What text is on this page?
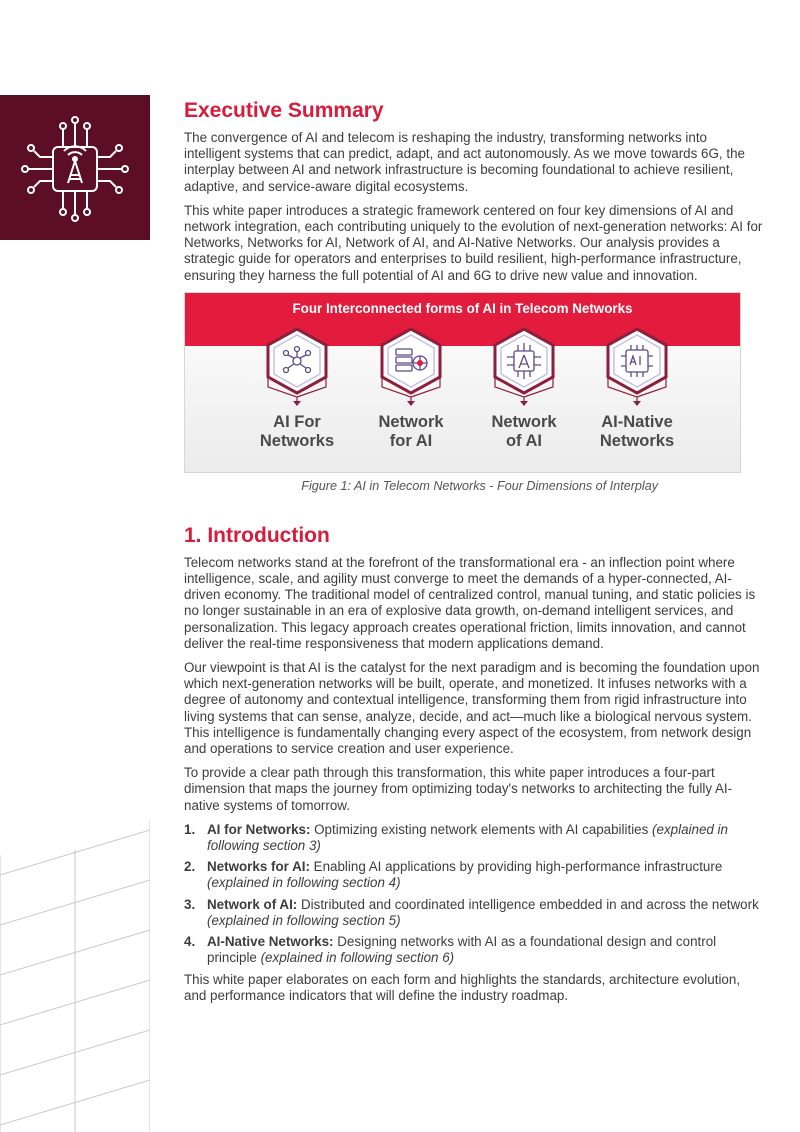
Executive Summary

The convergence of AI and telecom is reshaping the industry, transforming networks into intelligent systems that can predict, adapt, and act autonomously. As we move towards 6G, the interplay between AI and network infrastructure is becoming foundational to achieve resilient, adaptive, and service-aware digital ecosystems.

This white paper introduces a strategic framework centered on four key dimensions of AI and network integration, each contributing uniquely to the evolution of next-generation networks: AI for Networks, Networks for AI, Network of AI, and AI-Native Networks. Our analysis provides a strategic guide for operators and enterprises to build resilient, high-performance infrastructure, ensuring they harness the full potential of AI and 6G to drive new value and innovation.

Four Interconnected forms of AI in Telecom Networks
AI For
Networks
Network
for AI
Network
of AI
AI-Native
Networks
Figure 1: AI in Telecom Networks - Four Dimensions of Interplay
1. Introduction

Telecom networks stand at the forefront of the transformational era - an inflection point where intelligence, scale, and agility must converge to meet the demands of a hyper-connected, AI-driven economy. The traditional model of centralized control, manual tuning, and static policies is no longer sustainable in an era of explosive data growth, on-demand intelligent services, and personalization. This legacy approach creates operational friction, limits innovation, and cannot deliver the real-time responsiveness that modern applications demand.

Our viewpoint is that AI is the catalyst for the next paradigm and is becoming the foundation upon which next-generation networks will be built, operate, and monetized. It infuses networks with a degree of autonomy and contextual intelligence, transforming them from rigid infrastructure into living systems that can sense, analyze, decide, and act—much like a biological nervous system. This intelligence is fundamentally changing every aspect of the ecosystem, from network design and operations to service creation and user experience.

To provide a clear path through this transformation, this white paper introduces a four-part dimension that maps the journey from optimizing today's networks to architecting the fully AI-native systems of tomorrow.

1. AI for Networks: Optimizing existing network elements with AI capabilities (explained in following section 3)
2. Networks for AI: Enabling AI applications by providing high-performance infrastructure (explained in following section 4)
3. Network of AI: Distributed and coordinated intelligence embedded in and across the network (explained in following section 5)
4. AI-Native Networks: Designing networks with AI as a foundational design and control principle (explained in following section 6)

This white paper elaborates on each form and highlights the standards, architecture evolution, and performance indicators that will define the industry roadmap.
